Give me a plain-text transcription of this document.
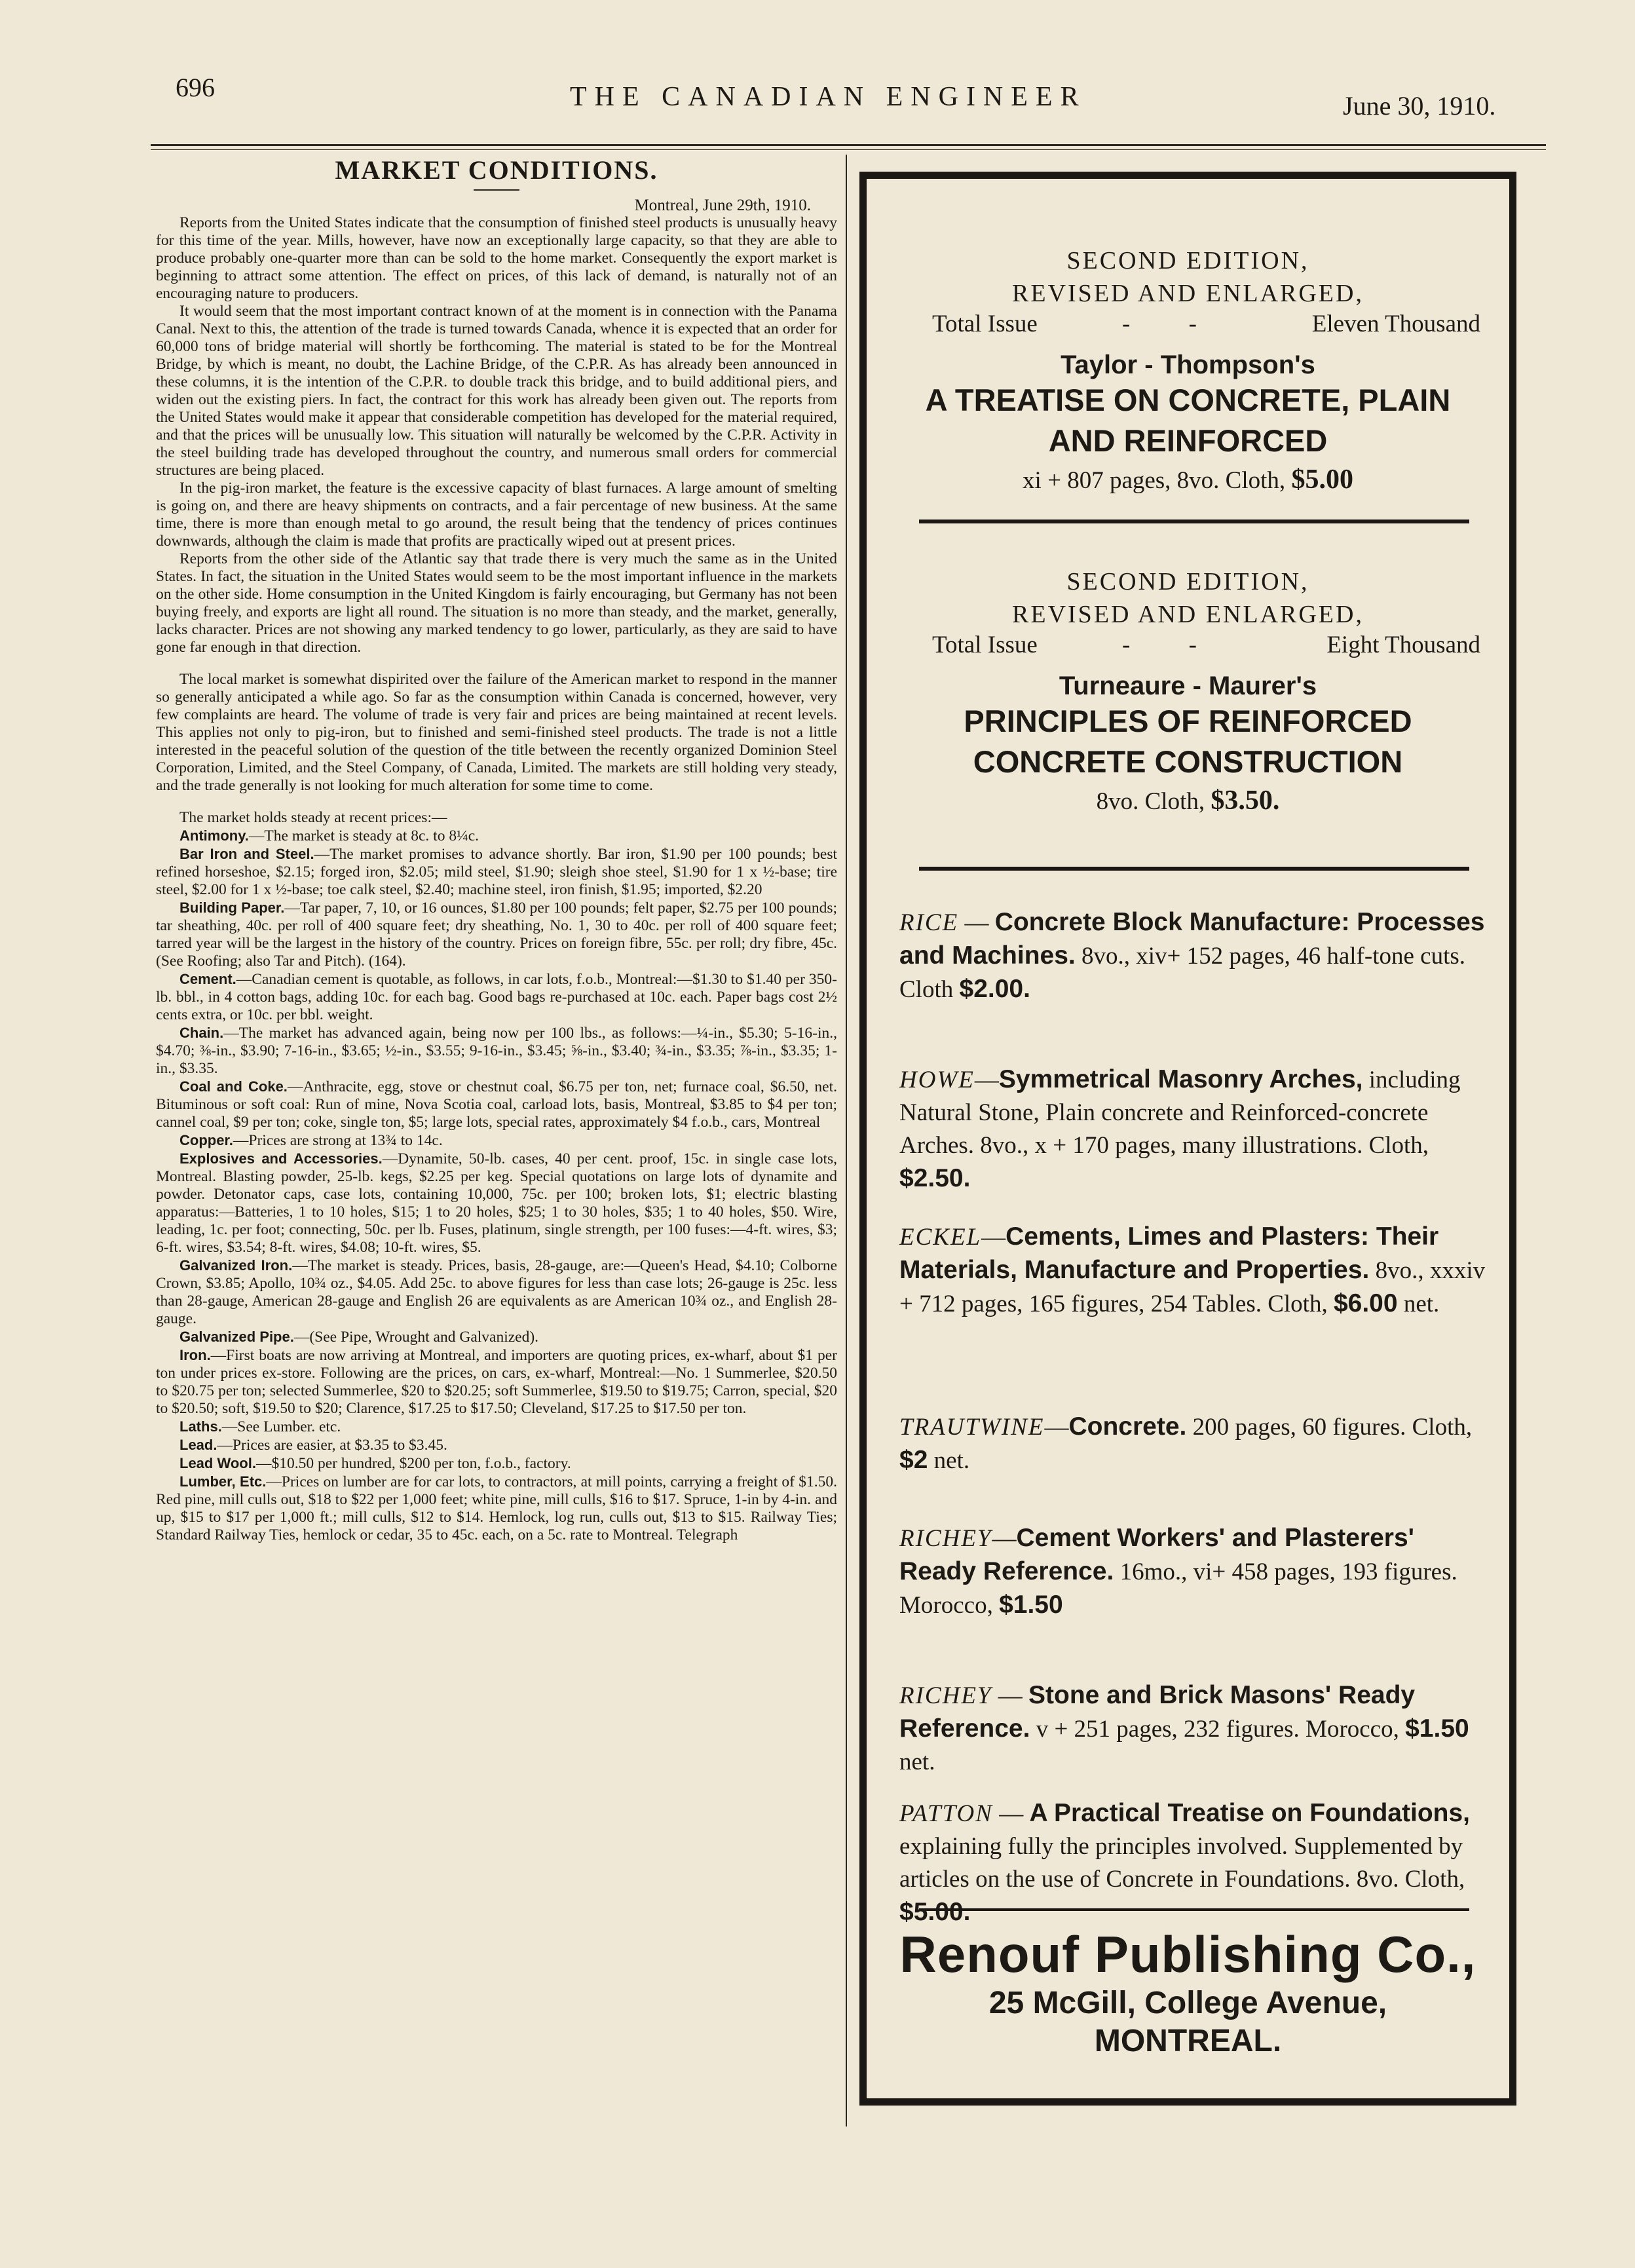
696	THE CANADIAN ENGINEER	June 30, 1910.
MARKET CONDITIONS.
Montreal, June 29th, 1910.

Reports from the United States indicate that the consumption of finished steel products is unusually heavy for this time of the year. Mills, however, have now an exceptionally large capacity, so that they are able to produce probably one-quarter more than can be sold to the home market. Consequently the export market is beginning to attract some attention. The effect on prices, of this lack of demand, is naturally not of an encouraging nature to producers.

It would seem that the most important contract known of at the moment is in connection with the Panama Canal. Next to this, the attention of the trade is turned towards Canada, whence it is expected that an order for 60,000 tons of bridge material will shortly be forthcoming. The material is stated to be for the Montreal Bridge, by which is meant, no doubt, the Lachine Bridge, of the C.P.R. As has already been announced in these columns, it is the intention of the C.P.R. to double track this bridge, and to build additional piers, and widen out the existing piers. In fact, the contract for this work has already been given out. The reports from the United States would make it appear that considerable competition has developed for the material required, and that the prices will be unusually low. This situation will naturally be welcomed by the C.P.R. Activity in the steel building trade has developed throughout the country, and numerous small orders for commercial structures are being placed.

In the pig-iron market, the feature is the excessive capacity of blast furnaces. A large amount of smelting is going on, and there are heavy shipments on contracts, and a fair percentage of new business. At the same time, there is more than enough metal to go around, the result being that the tendency of prices continues downwards, although the claim is made that profits are practically wiped out at present prices.

Reports from the other side of the Atlantic say that trade there is very much the same as in the United States. In fact, the situation in the United States would seem to be the most important influence in the markets on the other side. Home consumption in the United Kingdom is fairly encouraging, but Germany has not been buying freely, and exports are light all round. The situation is no more than steady, and the market, generally, lacks character. Prices are not showing any marked tendency to go lower, particularly, as they are said to have gone far enough in that direction.

The local market is somewhat dispirited over the failure of the American market to respond in the manner so generally anticipated a while ago. So far as the consumption within Canada is concerned, however, very few complaints are heard. The volume of trade is very fair and prices are being maintained at recent levels. This applies not only to pig-iron, but to finished and semi-finished steel products. The trade is not a little interested in the peaceful solution of the question of the title between the recently organized Dominion Steel Corporation, Limited, and the Steel Company, of Canada, Limited. The markets are still holding very steady, and the trade generally is not looking for much alteration for some time to come.

The market holds steady at recent prices:—

Antimony.—The market is steady at 8c. to 8¼c.

Bar Iron and Steel.—The market promises to advance shortly. Bar iron, $1.90 per 100 pounds; best refined horseshoe, $2.15; forged iron, $2.05; mild steel, $1.90; sleigh shoe steel, $1.90 for 1 x ½-base; tire steel, $2.00 for 1 x ½-base; toe calk steel, $2.40; machine steel, iron finish, $1.95; imported, $2.20

Building Paper.—Tar paper, 7, 10, or 16 ounces, $1.80 per 100 pounds; felt paper, $2.75 per 100 pounds; tar sheathing, 40c. per roll of 400 square feet; dry sheathing, No. 1, 30 to 40c. per roll of 400 square feet; tarred year will be the largest in the history of the country. Prices on foreign fibre, 55c. per roll; dry fibre, 45c. (See Roofing; also Tar and Pitch). (164).

Cement.—Canadian cement is quotable, as follows, in car lots, f.o.b., Montreal:—$1.30 to $1.40 per 350-lb. bbl., in 4 cotton bags, adding 10c. for each bag. Good bags re-purchased at 10c. each. Paper bags cost 2½ cents extra, or 10c. per bbl. weight.

Chain.—The market has advanced again, being now per 100 lbs., as follows:—¼-in., $5.30; 5-16-in., $4.70; ⅜-in., $3.90; 7-16-in., $3.65; ½-in., $3.55; 9-16-in., $3.45; ⅝-in., $3.40; ¾-in., $3.35; ⅞-in., $3.35; 1-in., $3.35.

Coal and Coke.—Anthracite, egg, stove or chestnut coal, $6.75 per ton, net; furnace coal, $6.50, net. Bituminous or soft coal: Run of mine, Nova Scotia coal, carload lots, basis, Montreal, $3.85 to $4 per ton; cannel coal, $9 per ton; coke, single ton, $5; large lots, special rates, approximately $4 f.o.b., cars, Montreal

Copper.—Prices are strong at 13¾ to 14c.

Explosives and Accessories.—Dynamite, 50-lb. cases, 40 per cent. proof, 15c. in single case lots, Montreal. Blasting powder, 25-lb. kegs, $2.25 per keg. Special quotations on large lots of dynamite and powder. Detonator caps, case lots, containing 10,000, 75c. per 100; broken lots, $1; electric blasting apparatus:—Batteries, 1 to 10 holes, $15; 1 to 20 holes, $25; 1 to 30 holes, $35; 1 to 40 holes, $50. Wire, leading, 1c. per foot; connecting, 50c. per lb. Fuses, platinum, single strength, per 100 fuses:—4-ft. wires, $3; 6-ft. wires, $3.54; 8-ft. wires, $4.08; 10-ft. wires, $5.

Galvanized Iron.—The market is steady. Prices, basis, 28-gauge, are:—Queen's Head, $4.10; Colborne Crown, $3.85; Apollo, 10¾ oz., $4.05. Add 25c. to above figures for less than case lots; 26-gauge is 25c. less than 28-gauge, American 28-gauge and English 26 are equivalents as are American 10¾ oz., and English 28-gauge.

Galvanized Pipe.—(See Pipe, Wrought and Galvanized).

Iron.—First boats are now arriving at Montreal, and importers are quoting prices, ex-wharf, about $1 per ton under prices ex-store. Following are the prices, on cars, ex-wharf, Montreal:—No. 1 Summerlee, $20.50 to $20.75 per ton; selected Summerlee, $20 to $20.25; soft Summerlee, $19.50 to $19.75; Carron, special, $20 to $20.50; soft, $19.50 to $20; Clarence, $17.25 to $17.50; Cleveland, $17.25 to $17.50 per ton.

Laths.—See Lumber. etc.

Lead.—Prices are easier, at $3.35 to $3.45.

Lead Wool.—$10.50 per hundred, $200 per ton, f.o.b., factory.

Lumber, Etc.—Prices on lumber are for car lots, to contractors, at mill points, carrying a freight of $1.50. Red pine, mill culls out, $18 to $22 per 1,000 feet; white pine, mill culls, $16 to $17. Spruce, 1-in by 4-in. and up, $15 to $17 per 1,000 ft.; mill culls, $12 to $14. Hemlock, log run, culls out, $13 to $15. Railway Ties; Standard Railway Ties, hemlock or cedar, 35 to 45c. each, on a 5c. rate to Montreal. Telegraph

SECOND EDITION,
REVISED AND ENLARGED,
Total Issue	- -	Eleven Thousand
Taylor - Thompson's
A TREATISE ON CONCRETE, PLAIN
AND REINFORCED
xi + 807 pages, 8vo. Cloth, $5.00
SECOND EDITION,
REVISED AND ENLARGED,
Total Issue	- -	Eight Thousand
Turneaure - Maurer's
PRINCIPLES OF REINFORCED
CONCRETE CONSTRUCTION
8vo. Cloth, $3.50.
RICE — Concrete Block Manufacture: Processes and Machines. 8vo., xiv+ 152 pages, 46 half-tone cuts. Cloth $2.00.
HOWE—Symmetrical Masonry Arches, including Natural Stone, Plain concrete and Reinforced-concrete Arches. 8vo., x + 170 pages, many illustrations. Cloth, $2.50.
ECKEL—Cements, Limes and Plasters: Their Materials, Manufacture and Properties. 8vo., xxxiv + 712 pages, 165 figures, 254 Tables. Cloth, $6.00 net.
TRAUTWINE—Concrete. 200 pages, 60 figures. Cloth, $2 net.
RICHEY—Cement Workers' and Plasterers' Ready Reference. 16mo., vi+ 458 pages, 193 figures. Morocco, $1.50
RICHEY — Stone and Brick Masons' Ready Reference. v + 251 pages, 232 figures. Morocco, $1.50 net.
PATTON — A Practical Treatise on Foundations, explaining fully the principles involved. Supplemented by articles on the use of Concrete in Foundations. 8vo. Cloth, $5.00.
Renouf Publishing Co.,
25 McGill, College Avenue,
MONTREAL.
